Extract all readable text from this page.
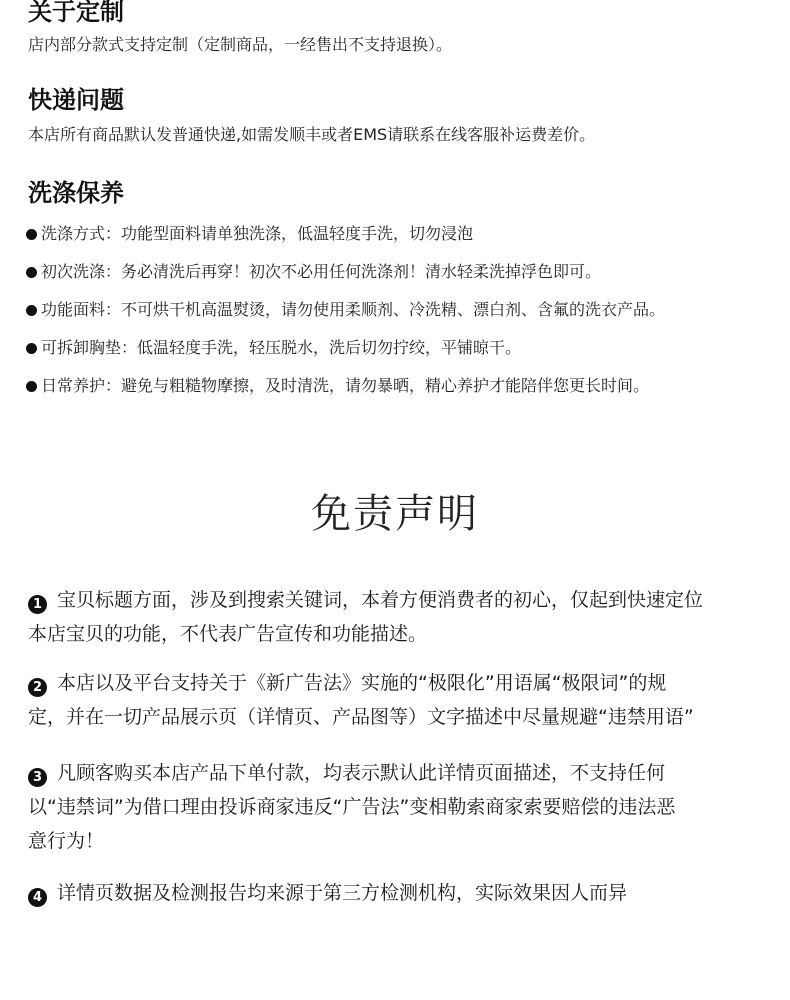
关于定制

店内部分款式支持定制（定制商品，一经售出不支持退换）。

快递问题

本店所有商品默认发普通快递,如需发顺丰或者EMS请联系在线客服补运费差价。

洗涤保养
洗涤方式：功能型面料请单独洗涤，低温轻度手洗，切勿浸泡
初次洗涤：务必清洗后再穿！初次不必用任何洗涤剂！清水轻柔洗掉浮色即可。
功能面料：不可烘干机高温熨烫，请勿使用柔顺剂、冷洗精、漂白剂、含氟的洗衣产品。
可拆卸胸垫：低温轻度手洗，轻压脱水，洗后切勿拧绞，平铺晾干。
日常养护：避免与粗糙物摩擦，及时清洗，请勿暴晒，精心养护才能陪伴您更长时间。
免责声明
1 宝贝标题方面，涉及到搜索关键词，本着方便消费者的初心，仅起到快速定位
本店宝贝的功能，不代表广告宣传和功能描述。
2 本店以及平台支持关于《新广告法》实施的“极限化”用语属“极限词”的规
定，并在一切产品展示页（详情页、产品图等）文字描述中尽量规避“违禁用语”
3 凡顾客购买本店产品下单付款，均表示默认此详情页面描述，不支持任何
以“违禁词”为借口理由投诉商家违反“广告法”变相勒索商家索要赔偿的违法恶
意行为！
4 详情页数据及检测报告均来源于第三方检测机构，实际效果因人而异
